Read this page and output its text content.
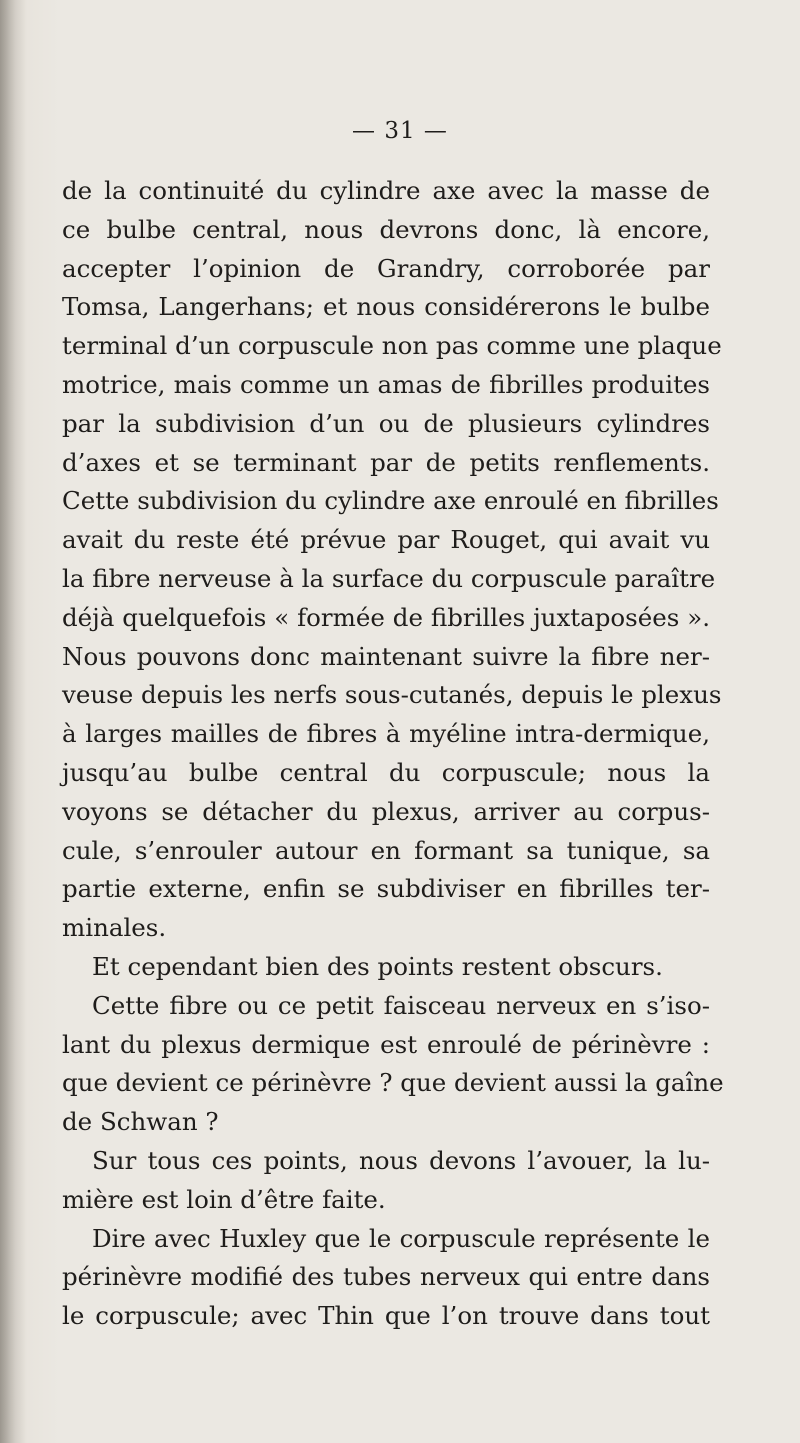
— 31 —
de la continuité du cylindre axe avec la masse de
ce bulbe central, nous devrons donc, là encore,
accepter l’opinion de Grandry, corroborée par
Tomsa, Langerhans; et nous considérerons le bulbe
terminal d’un corpuscule non pas comme une plaque
motrice, mais comme un amas de fibrilles produites
par la subdivision d’un ou de plusieurs cylindres
d’axes et se terminant par de petits renflements.
Cette subdivision du cylindre axe enroulé en fibrilles
avait du reste été prévue par Rouget, qui avait vu
la fibre nerveuse à la surface du corpuscule paraître
déjà quelquefois « formée de fibrilles juxtaposées ».
Nous pouvons donc maintenant suivre la fibre ner-
veuse depuis les nerfs sous-cutanés, depuis le plexus
à larges mailles de fibres à myéline intra-dermique,
jusqu’au bulbe central du corpuscule; nous la
voyons se détacher du plexus, arriver au corpus-
cule, s’enrouler autour en formant sa tunique, sa
partie externe, enfin se subdiviser en fibrilles ter-
minales.
Et cependant bien des points restent obscurs.
Cette fibre ou ce petit faisceau nerveux en s’iso-
lant du plexus dermique est enroulé de périnèvre :
que devient ce périnèvre ? que devient aussi la gaîne
de Schwan ?
Sur tous ces points, nous devons l’avouer, la lu-
mière est loin d’être faite.
Dire avec Huxley que le corpuscule représente le
périnèvre modifié des tubes nerveux qui entre dans
le corpuscule; avec Thin que l’on trouve dans tout
